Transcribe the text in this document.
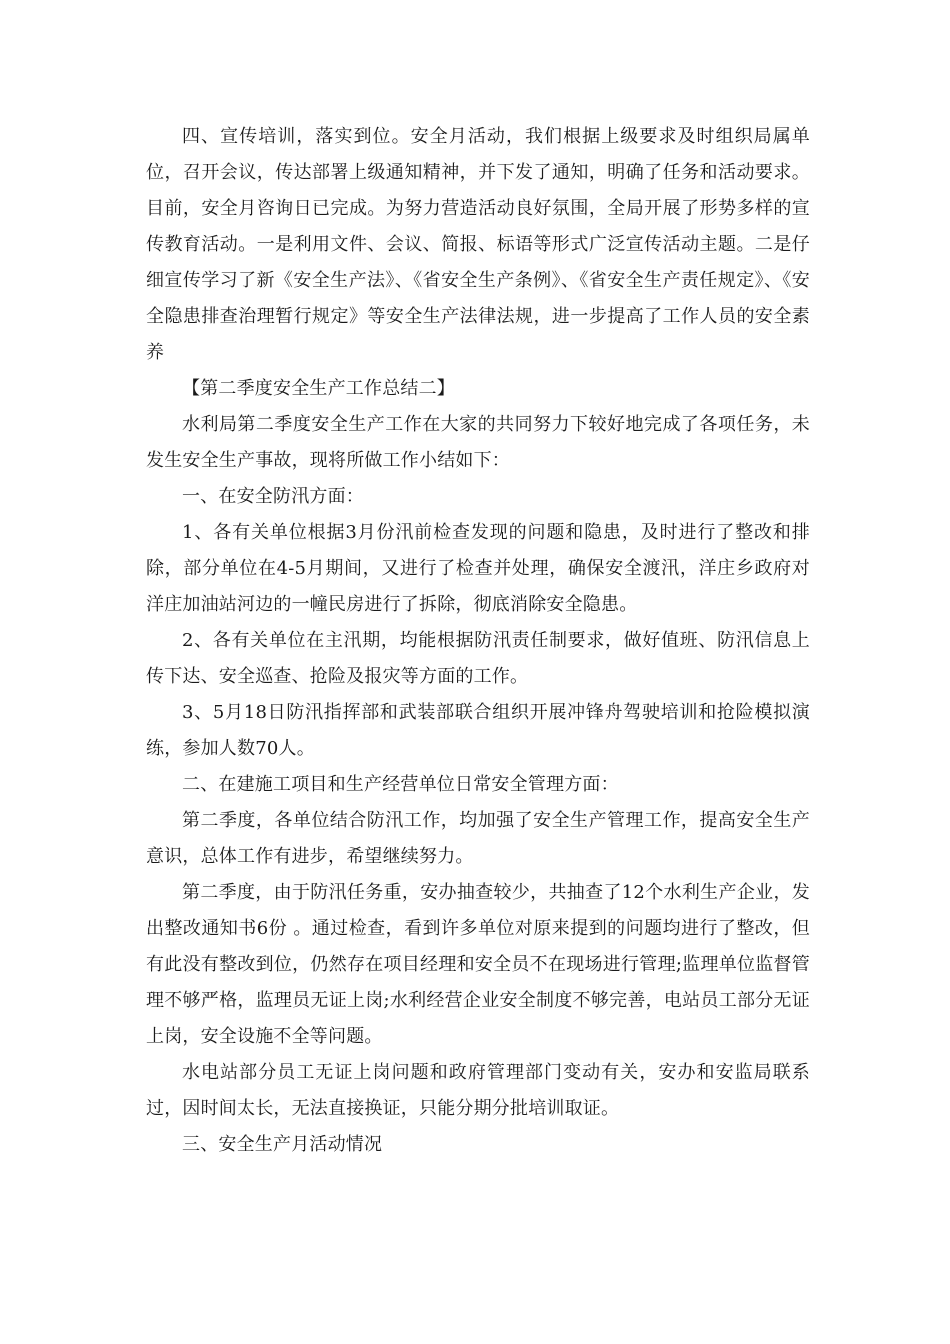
四、宣传培训，落实到位。安全月活动，我们根据上级要求及时组织局属单位，召开会议，传达部署上级通知精神，并下发了通知，明确了任务和活动要求。目前，安全月咨询日已完成。为努力营造活动良好氛围，全局开展了形势多样的宣传教育活动。一是利用文件、会议、简报、标语等形式广泛宣传活动主题。二是仔细宣传学习了新《安全生产法》、《省安全生产条例》、《省安全生产责任规定》、《安全隐患排查治理暂行规定》等安全生产法律法规，进一步提高了工作人员的安全素养

【第二季度安全生产工作总结二】

水利局第二季度安全生产工作在大家的共同努力下较好地完成了各项任务，未发生安全生产事故，现将所做工作小结如下：

一、在安全防汛方面：

1、各有关单位根据3月份汛前检查发现的问题和隐患，及时进行了整改和排除，部分单位在4-5月期间，又进行了检查并处理，确保安全渡汛，洋庄乡政府对洋庄加油站河边的一幢民房进行了拆除，彻底消除安全隐患。

2、各有关单位在主汛期，均能根据防汛责任制要求，做好值班、防汛信息上传下达、安全巡查、抢险及报灾等方面的工作。

3、5月18日防汛指挥部和武装部联合组织开展冲锋舟驾驶培训和抢险模拟演练，参加人数70人。

二、在建施工项目和生产经营单位日常安全管理方面：

第二季度，各单位结合防汛工作，均加强了安全生产管理工作，提高安全生产意识，总体工作有进步，希望继续努力。

第二季度，由于防汛任务重，安办抽查较少，共抽查了12个水利生产企业，发出整改通知书6份 。通过检查，看到许多单位对原来提到的问题均进行了整改，但有此没有整改到位，仍然存在项目经理和安全员不在现场进行管理;监理单位监督管理不够严格，监理员无证上岗;水利经营企业安全制度不够完善，电站员工部分无证上岗，安全设施不全等问题。

水电站部分员工无证上岗问题和政府管理部门变动有关，安办和安监局联系过，因时间太长，无法直接换证，只能分期分批培训取证。

三、安全生产月活动情况
